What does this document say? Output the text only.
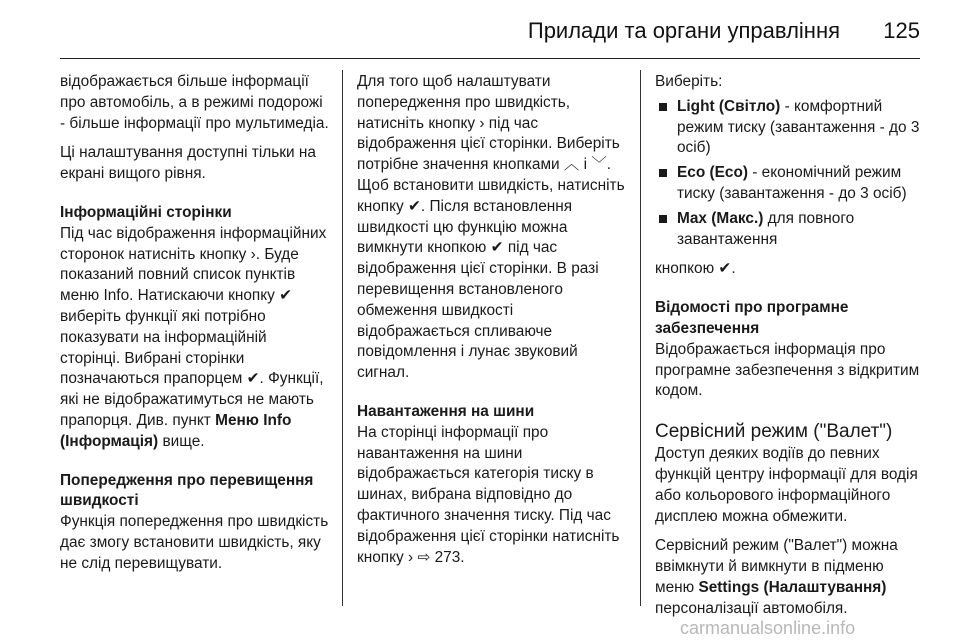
Прилади та органи управління	125

відображається більше інформації про автомобіль, а в режимі подорожі - більше інформації про мультимедіа.

Ці налаштування доступні тільки на екрані вищого рівня.

Інформаційні сторінки

Під час відображення інформаційних сторонок натисніть кнопку ›. Буде показаний повний список пунктів меню Info. Натискаючи кнопку ✔ виберіть функції які потрібно показувати на інформаційній сторінці. Вибрані сторінки позначаються прапорцем ✔. Функції, які не відображатимуться не мають прапорця. Див. пункт Меню Info (Інформація) вище.

Попередження про перевищення швидкості

Функція попередження про швидкість дає змогу встановити швидкість, яку не слід перевищувати.

Для того щоб налаштувати попередження про швидкість, натисніть кнопку › під час відображення цієї сторінки. Виберіть потрібне значення кнопками ︿ і ﹀. Щоб встановити швидкість, натисніть кнопку ✔. Після встановлення швидкості цю функцію можна вимкнути кнопкою ✔ під час відображення цієї сторінки. В разі перевищення встановленого обмеження швидкості відображається спливаюче повідомлення і лунає звуковий сигнал.

Навантаження на шини

На сторінці інформації про навантаження на шини відображається категорія тиску в шинах, вибрана відповідно до фактичного значення тиску. Під час відображення цієї сторінки натисніть кнопку › ⇨ 273.

Виберіть:

Light (Світло) - комфортний режим тиску (завантаження - до 3 осіб)
Eco (Eco) - економічний режим тиску (завантаження - до 3 осіб)
Max (Макс.) для повного завантаження

кнопкою ✔.

Відомості про програмне забезпечення

Відображається інформація про програмне забезпечення з відкритим кодом.

Сервісний режим ("Валет")

Доступ деяких водіїв до певних функцій центру інформації для водія або кольорового інформаційного дисплею можна обмежити.

Сервісний режим ("Валет") можна ввімкнути й вимкнути в підменю меню Settings (Налаштування) персоналізації автомобіля.

carmanualsonline.info
